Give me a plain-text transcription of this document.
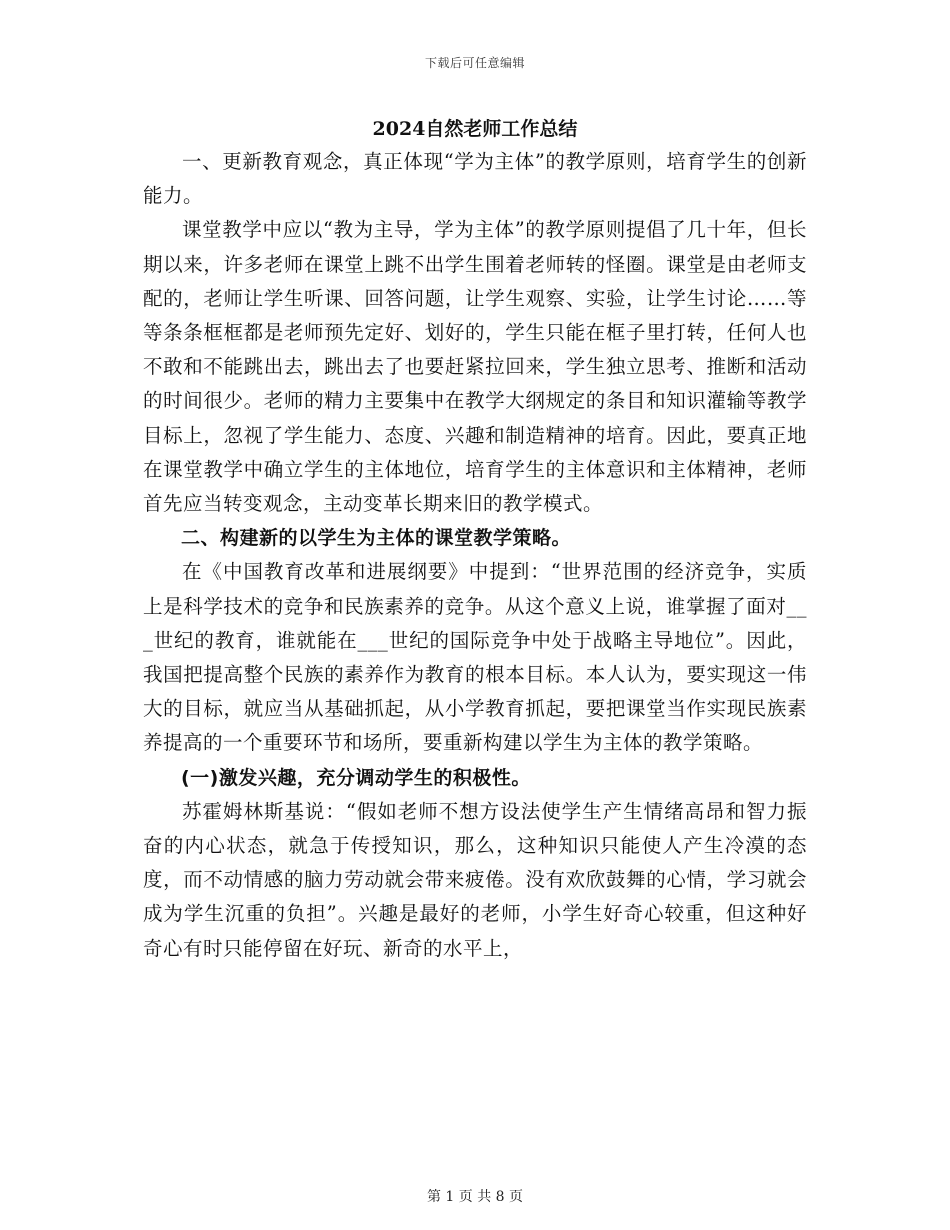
下载后可任意编辑
2024自然老师工作总结

一、更新教育观念，真正体现“学为主体”的教学原则，培育学生的创新能力。

课堂教学中应以“教为主导，学为主体”的教学原则提倡了几十年，但长期以来，许多老师在课堂上跳不出学生围着老师转的怪圈。课堂是由老师支配的，老师让学生听课、回答问题，让学生观察、实验，让学生讨论……等等条条框框都是老师预先定好、划好的，学生只能在框子里打转，任何人也不敢和不能跳出去，跳出去了也要赶紧拉回来，学生独立思考、推断和活动的时间很少。老师的精力主要集中在教学大纲规定的条目和知识灌输等教学目标上，忽视了学生能力、态度、兴趣和制造精神的培育。因此，要真正地在课堂教学中确立学生的主体地位，培育学生的主体意识和主体精神，老师首先应当转变观念，主动变革长期来旧的教学模式。

二、构建新的以学生为主体的课堂教学策略。

在《中国教育改革和进展纲要》中提到：“世界范围的经济竞争，实质上是科学技术的竞争和民族素养的竞争。从这个意义上说，谁掌握了面对___世纪的教育，谁就能在___世纪的国际竞争中处于战略主导地位”。因此，我国把提高整个民族的素养作为教育的根本目标。本人认为，要实现这一伟大的目标，就应当从基础抓起，从小学教育抓起，要把课堂当作实现民族素养提高的一个重要环节和场所，要重新构建以学生为主体的教学策略。

(一)激发兴趣，充分调动学生的积极性。

苏霍姆林斯基说：“假如老师不想方设法使学生产生情绪高昂和智力振奋的内心状态，就急于传授知识，那么，这种知识只能使人产生冷漠的态度，而不动情感的脑力劳动就会带来疲倦。没有欢欣鼓舞的心情，学习就会成为学生沉重的负担”。兴趣是最好的老师，小学生好奇心较重，但这种好奇心有时只能停留在好玩、新奇的水平上，

第 1 页 共 8 页
